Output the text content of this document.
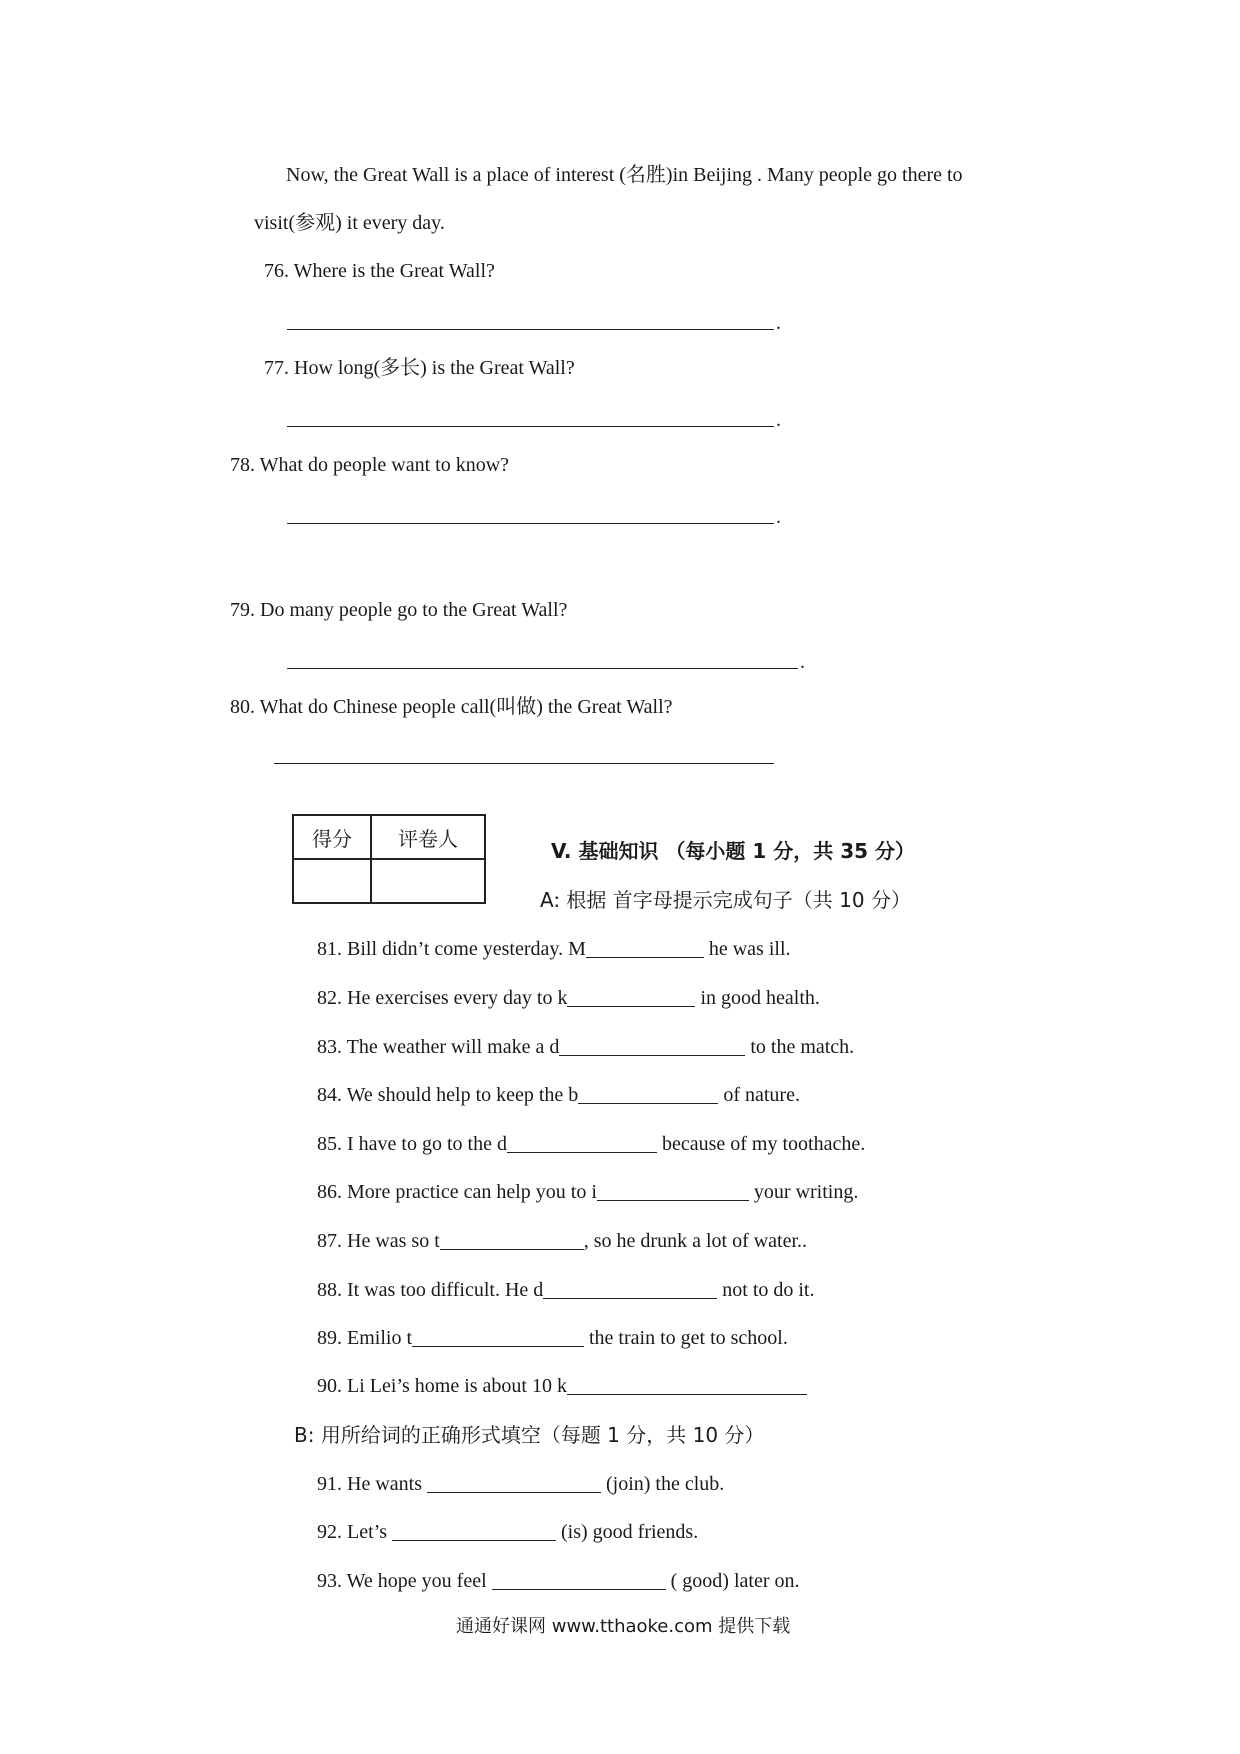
Now, the Great Wall is a place of interest (名胜)in Beijing . Many people go there to
visit(参观) it every day.
76. Where is the Great Wall?
.
77. How long(多长) is the Great Wall?
.
78. What do people want to know?
.
79. Do many people go to the Great Wall?
.
80. What do Chinese people call(叫做) the Great Wall?
得分	评卷人

V. 基础知识 （每小题 1 分，共 35 分）
A: 根据 首字母提示完成句子（共 10 分）
81. Bill didn’t come yesterday. M	he was ill.
82. He exercises every day to k	in good health.
83. The weather will make a d	to the match.
84. We should help to keep the b	of nature.
85. I have to go to the d	because of my toothache.
86. More practice can help you to i	your writing.
87. He was so t	, so he drunk a lot of water..
88. It was too difficult. He d	not to do it.
89. Emilio t	the train to get to school.
90. Li Lei’s home is about 10 k
B: 用所给词的正确形式填空（每题 1 分，共 10 分）
91. He wants	(join) the club.
92. Let’s	(is) good friends.
93. We hope you feel	( good) later on.
通通好课网 www.tthaoke.com 提供下载
